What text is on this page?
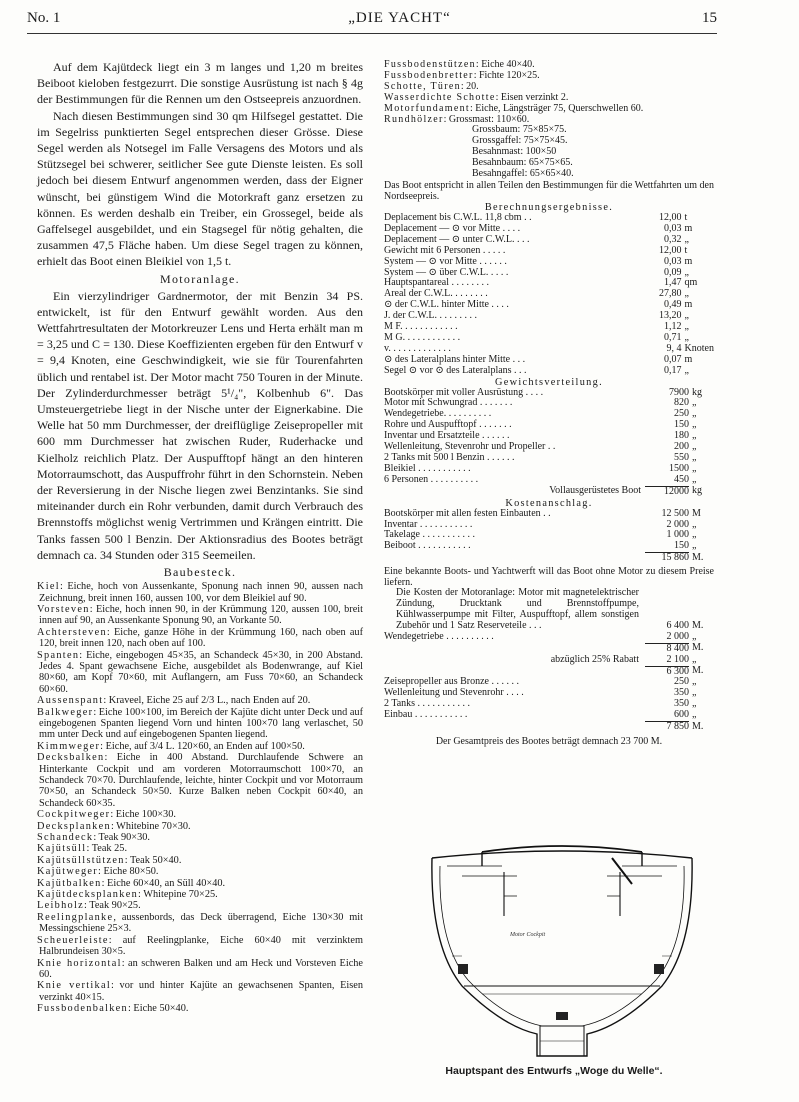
No. 1	„DIE YACHT“	15

Auf dem Kajütdeck liegt ein 3 m langes und 1,20 m breites Beiboot kieloben festgezurrt. Die sonstige Ausrüstung ist nach § 4g der Bestimmungen für die Rennen um den Ostseepreis anzuordnen.

Nach diesen Bestimmungen sind 30 qm Hilfsegel gestattet. Die im Segelriss punktierten Segel entsprechen dieser Grösse. Diese Segel werden als Notsegel im Falle Versagens des Motors und als Stützsegel bei schwerer, seitlicher See gute Dienste leisten. Es soll jedoch bei diesem Entwurf angenommen werden, dass der Eigner wünscht, bei günstigem Wind die Motorkraft ganz ersetzen zu können. Es werden deshalb ein Treiber, ein Grossegel, beide als Gaffelsegel ausgebildet, und ein Stagsegel für nötig gehalten, die zusammen 47,5 Fläche haben. Um diese Segel tragen zu können, erhielt das Boot einen Bleikiel von 1,5 t.

Motoranlage.

Ein vierzylindriger Gardnermotor, der mit Benzin 34 PS. entwickelt, ist für den Entwurf gewählt worden. Aus den Wettfahrtresultaten der Motorkreuzer Lens und Herta erhält man m = 3,25 und C = 130. Diese Koeffizienten ergeben für den Entwurf v = 9,4 Knoten, eine Geschwindigkeit, wie sie für Tourenfahrten üblich und rentabel ist. Der Motor macht 750 Touren in der Minute. Der Zylinderdurchmesser beträgt 5¹/₄", Kolbenhub 6". Das Umsteuergetriebe liegt in der Nische unter der Eignerkabine. Die Welle hat 50 mm Durchmesser, der dreiflüglige Zeisepropeller mit 600 mm Durchmesser hat zwischen Ruder, Ruderhacke und Kielholz reichlich Platz. Der Auspufftopf hängt an den hinteren Motorraumschott, das Auspuffrohr führt in den Schornstein. Neben der Reversierung in der Nische liegen zwei Benzintanks. Sie sind miteinander durch ein Rohr verbunden, damit durch Verbrauch des Brennstoffs möglichst wenig Vertrimmen und Krängen eintritt. Die Tanks fassen 500 l Benzin. Der Aktionsradius des Bootes beträgt demnach ca. 34 Stunden oder 315 Seemeilen.

Baubesteck.

Kiel: Eiche, hoch von Aussenkante, Sponung nach innen 90, aussen nach Zeichnung, breit innen 160, aussen 100, vor dem Bleikiel auf 90.

Vorsteven: Eiche, hoch innen 90, in der Krümmung 120, aussen 100, breit innen auf 90, an Aussenkante Sponung 90, an Vorkante 50.

Achtersteven: Eiche, ganze Höhe in der Krümmung 160, nach oben auf 120, breit innen 120, nach oben auf 100.

Spanten: Eiche, eingebogen 45×35, an Schandeck 45×30, in 200 Abstand. Jedes 4. Spant gewachsene Eiche, ausgebildet als Bodenwrange, auf Kiel 80×60, am Kopf 70×60, mit Auflangern, am Fuss 70×60, an Schandeck 60×60.

Aussenspant: Kraveel, Eiche 25 auf 2/3 L., nach Enden auf 20.

Balkweger: Eiche 100×100, im Bereich der Kajüte dicht unter Deck und auf eingebogenen Spanten liegend Vorn und hinten 100×70 lang verlaschet, 50 mm unter Deck und auf eingebogenen Spanten liegend.

Kimmweger: Eiche, auf 3/4 L. 120×60, an Enden auf 100×50.

Decksbalken: Eiche in 400 Abstand. Durchlaufende Schwere an Hinterkante Cockpit und am vorderen Motorraumschott 100×70, an Schandeck 70×70. Durchlaufende, leichte, hinter Cockpit und vor Motorraum 70×50, an Schandeck 50×50. Kurze Balken neben Cockpit 60×40, an Schandeck 60×35.

Cockpitweger: Eiche 100×30.

Decksplanken: Whitebine 70×30.

Schandeck: Teak 90×30.

Kajütsüll: Teak 25.

Kajütsüllstützen: Teak 50×40.

Kajütweger: Eiche 80×50.

Kajütbalken: Eiche 60×40, an Süll 40×40.

Kajütdecksplanken: Whitepine 70×25.

Leibholz: Teak 90×25.

Reelingplanke, aussenbords, das Deck überragend, Eiche 130×30 mit Messingschiene 25×3.

Scheuerleiste: auf Reelingplanke, Eiche 60×40 mit verzinktem Halbrundeisen 30×5.

Knie horizontal: an schweren Balken und am Heck und Vorsteven Eiche 60.

Knie vertikal: vor und hinter Kajüte an gewachsenen Spanten, Eisen verzinkt 40×15.

Fussbodenbalken: Eiche 50×40.

Fussbodenstützen: Eiche 40×40.

Fussbodenbretter: Fichte 120×25.

Schotte, Türen: 20.

Wasserdichte Schotte: Eisen verzinkt 2.

Motorfundament: Eiche, Längsträger 75, Querschwellen 60.

Rundhölzer: Grossmast: 110×60.

Grossbaum: 75×85×75.

Grossgaffel: 75×75×45.

Besahnmast: 100×50

Besahnbaum: 65×75×65.

Besahngaffel: 65×65×40.

Das Boot entspricht in allen Teilen den Bestimmungen für die Wettfahrten um den Nordseepreis.

Berechnungsergebnisse.
Deplacement bis C.W.L. 11,8 cbm . .	12,00	t
Deplacement — ⊙ vor Mitte . . . .	0,03	m
Deplacement — ⊙ unter C.W.L. . . .	0,32	„
Gewicht mit 6 Personen . . . . .	12,00	t
System — ⊙ vor Mitte . . . . . .	0,03	m
System — ⊙ über C.W.L. . . . .	0,09	„
Hauptspantareal . . . . . . . .	1,47	qm
Areal der C.W.L. . . . . . . .	27,80	„
⊙ der C.W.L. hinter Mitte . . . .	0,49	m
J. der C.W.L. . . . . . . . .	13,20	„
M F. . . . . . . . . . . .	1,12	„
M G. . . . . . . . . . . .	0,71	„
v. . . . . . . . . . . . .	9, 4	Knoten
⊙ des Lateralplans hinter Mitte . . .	0,07	m
Segel ⊙ vor ⊙ des Lateralplans . . .	0,17	„
Gewichtsverteilung.
Bootskörper mit voller Ausrüstung . . . .	7900	kg
Motor mit Schwungrad . . . . . . .	820	„
Wendegetriebe. . . . . . . . . .	250	„
Rohre und Auspufftopf . . . . . . .	150	„
Inventar und Ersatzteile . . . . . .	180	„
Wellenleitung, Stevenrohr und Propeller . .	200	„
2 Tanks mit 500 l Benzin . . . . . .	550	„
Bleikiel . . . . . . . . . . .	1500	„
6 Personen . . . . . . . . . .	450	„
Vollausgerüstetes Boot	12000	kg
Kostenanschlag.
Bootskörper mit allen festen Einbauten . .	12 500	M
Inventar . . . . . . . . . . .	2 000	„
Takelage . . . . . . . . . . .	1 000	„
Beiboot . . . . . . . . . . .	150	„
	15 860	M.

Eine bekannte Boots- und Yachtwerft will das Boot ohne Motor zu diesem Preise liefern.

Die Kosten der Motoranlage: Motor mit magnetelektrischer Zündung, Drucktank und Brennstoffpumpe, Kühlwasserpumpe mit Filter, Auspufftopf, allem sonstigen Zubehör und 1 Satz Reserveteile . . .	6 400	M.
Wendegetriebe . . . . . . . . . .	2 000	„
	8 400	M.
abzüglich 25% Rabatt	2 100	„
	6 300	M.
Zeisepropeller aus Bronze . . . . . .	250	„
Wellenleitung und Stevenrohr . . . .	350	„
2 Tanks . . . . . . . . . . .	350	„
Einbau . . . . . . . . . . .	600	„
	7 850	M.

Der Gesamtpreis des Bootes beträgt demnach 23 700 M.

Motor Cockpit
Hauptspant des Entwurfs „Woge du Welle“.
